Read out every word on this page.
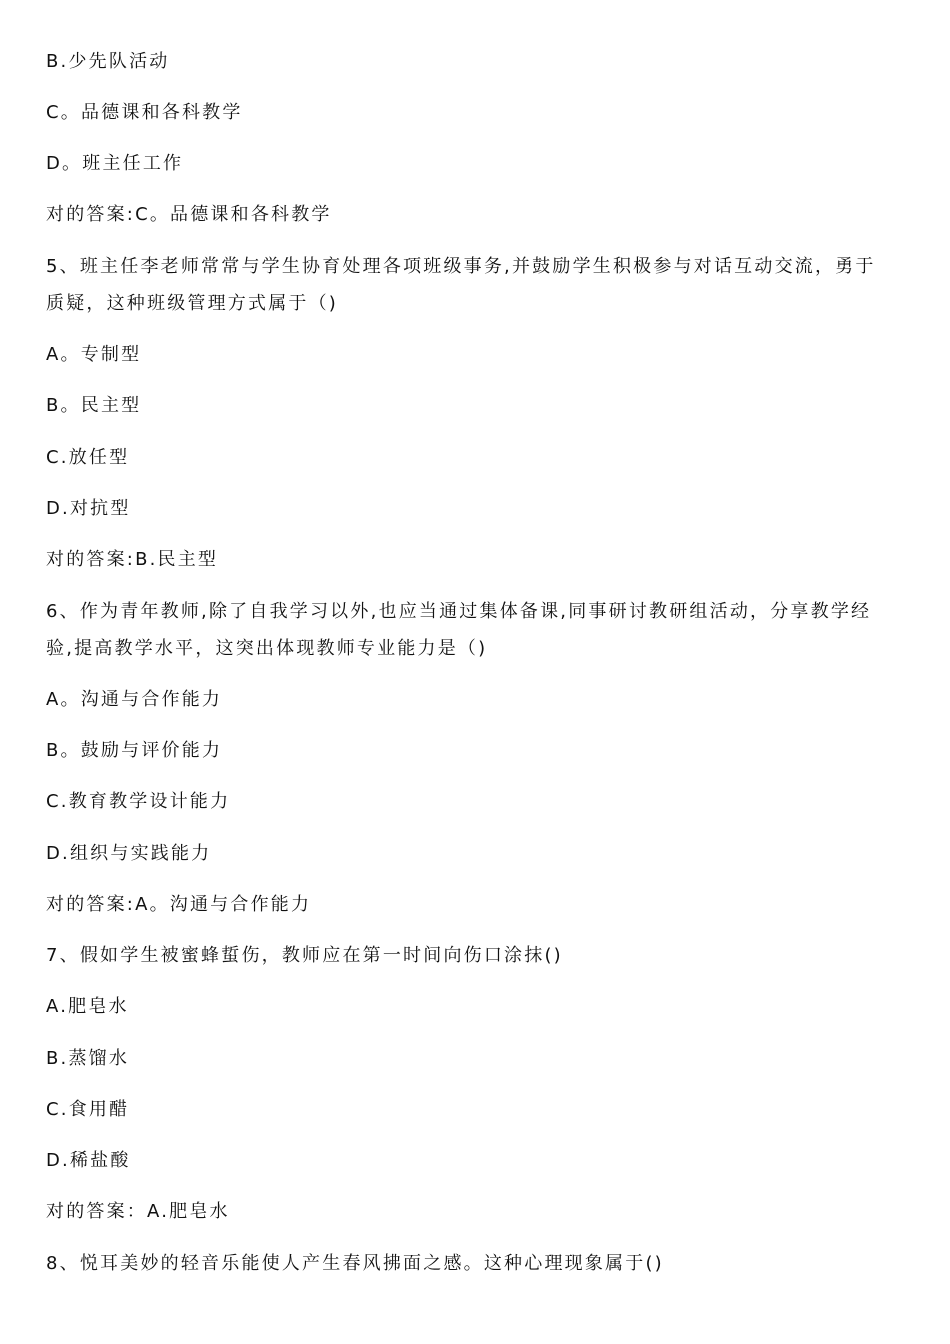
B.少先队活动
C。品德课和各科教学
D。班主任工作
对的答案:C。品德课和各科教学
5、班主任李老师常常与学生协育处理各项班级事务,并鼓励学生积极参与对话互动交流，勇于
质疑，这种班级管理方式属于（)
A。专制型
B。民主型
C.放任型
D.对抗型
对的答案:B.民主型
6、作为青年教师,除了自我学习以外,也应当通过集体备课,同事研讨教研组活动，分享教学经
验,提高教学水平，这突出体现教师专业能力是（)
A。沟通与合作能力
B。鼓励与评价能力
C.教育教学设计能力
D.组织与实践能力
对的答案:A。沟通与合作能力
7、假如学生被蜜蜂蜇伤，教师应在第一时间向伤口涂抹()
A.肥皂水
B.蒸馏水
C.食用醋
D.稀盐酸
对的答案：A.肥皂水
8、悦耳美妙的轻音乐能使人产生春风拂面之感。这种心理现象属于()
